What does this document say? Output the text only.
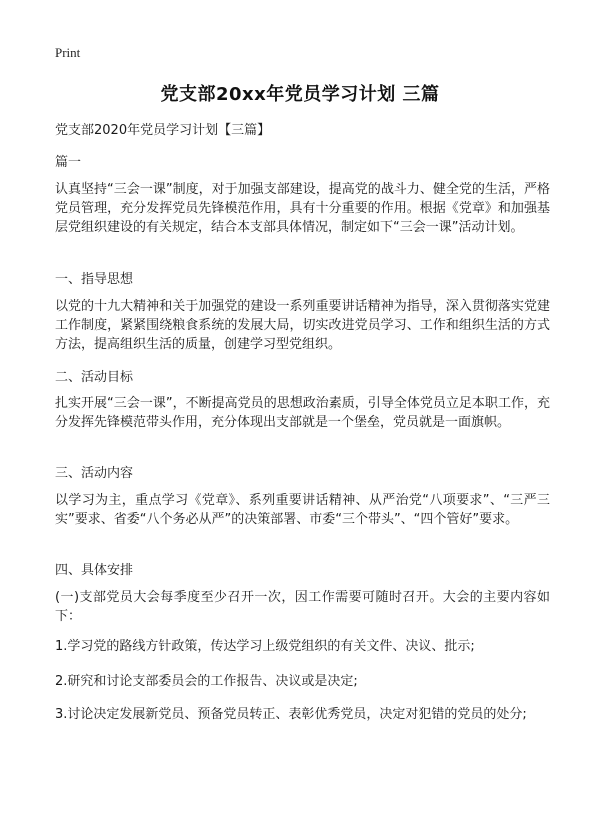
Print
党支部20xx年党员学习计划 三篇
党支部2020年党员学习计划【三篇】
篇一
认真坚持“三会一课”制度，对于加强支部建设，提高党的战斗力、健全党的生活，严格党员管理，充分发挥党员先锋模范作用，具有十分重要的作用。根据《党章》和加强基层党组织建设的有关规定，结合本支部具体情况，制定如下“三会一课”活动计划。
一、指导思想
以党的十九大精神和关于加强党的建设一系列重要讲话精神为指导，深入贯彻落实党建工作制度，紧紧围绕粮食系统的发展大局，切实改进党员学习、工作和组织生活的方式方法，提高组织生活的质量，创建学习型党组织。
二、活动目标
扎实开展“三会一课”，不断提高党员的思想政治素质，引导全体党员立足本职工作，充分发挥先锋模范带头作用，充分体现出支部就是一个堡垒，党员就是一面旗帜。
三、活动内容
以学习为主，重点学习《党章》、系列重要讲话精神、从严治党“八项要求”、“三严三实”要求、省委“八个务必从严”的决策部署、市委“三个带头”、“四个管好”要求。
四、具体安排
(一)支部党员大会每季度至少召开一次，因工作需要可随时召开。大会的主要内容如下：
1.学习党的路线方针政策，传达学习上级党组织的有关文件、决议、批示;
2.研究和讨论支部委员会的工作报告、决议或是决定;
3.讨论决定发展新党员、预备党员转正、表彰优秀党员，决定对犯错的党员的处分;
